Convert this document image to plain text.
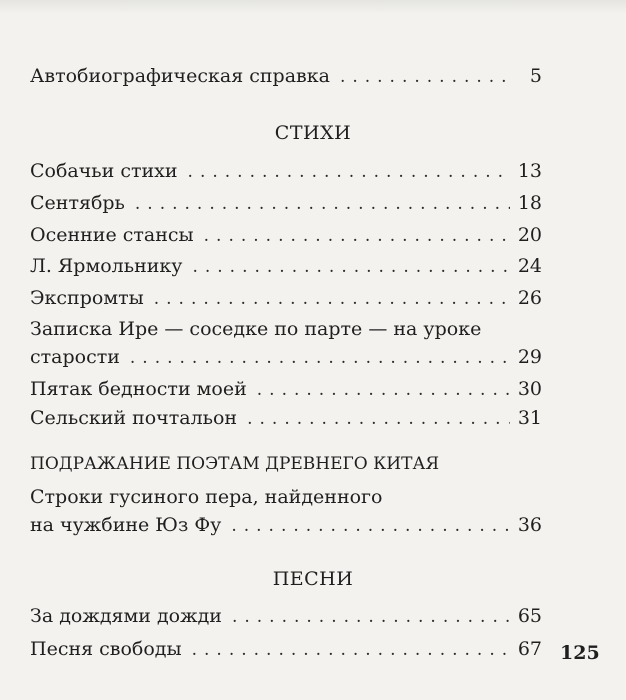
Автобиографическая справка .....	5
СТИХИ
Собачьи стихи .....	13
Сентябрь .....	18
Осенние стансы .....	20
Л. Ярмольнику .....	24
Экспромты .....	26
Записка Ире — соседке по парте — на уроке
старости .....	29
Пятак бедности моей .....	30
Сельский почтальон .....	31
ПОДРАЖАНИЕ ПОЭТАМ ДРЕВНЕГО КИТАЯ
Строки гусиного пера, найденного
на чужбине Юз Фу .....	36
ПЕСНИ
За дождями дожди .....	65
Песня свободы .....	67 125
